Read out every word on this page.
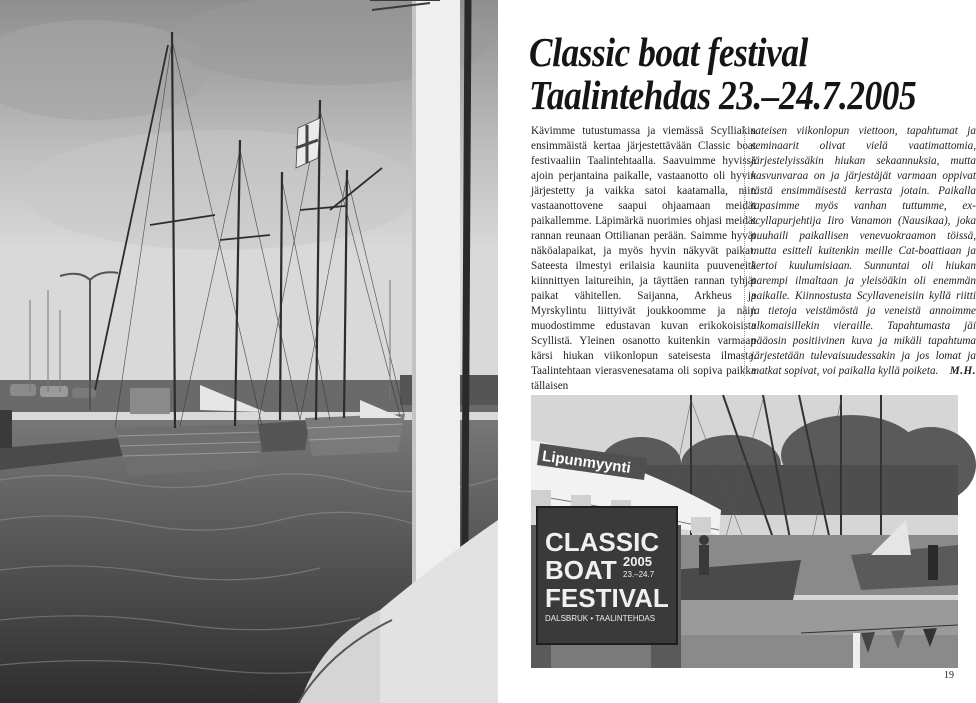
Classic boat festival
Taalintehdas 23.–24.7.2005

Kävimme tutustumassa ja viemässä Scylliakin ensimmäistä kertaa järjestettävään Classic boat festivaaliin Taalintehtaalla. Saavuimme hyvissä ajoin perjantaina paikalle, vastaanotto oli hyvin järjestetty ja vaikka satoi kaatamalla, niin vastaanottovene saapui ohjaamaan meidät paikallemme. Läpimärkä nuorimies ohjasi meidät rannan reunaan Ottilianan perään. Saimme hyvät näköalapaikat, ja myös hyvin näkyvät paikat. Sateesta ilmestyi erilaisia kauniita puuveneitä kiinnittyen laitureihin, ja täyttäen rannan tyhjät paikat vähitellen. Saijanna, Arkheus ja Myrskylintu liittyivät joukkoomme ja näin muodostimme edustavan kuvan erikokoisista Scyllistä. Yleinen osanotto kuitenkin varmaan kärsi hiukan viikonlopun sateisesta ilmasta. Taalintehtaan vierasvenesatama oli sopiva paikka tällaisen

sateisen viikonlopun viettoon, tapahtumat ja seminaarit olivat vielä vaatimattomia, järjestelyissäkin hiukan sekaannuksia, mutta kasvunvaraa on ja järjestäjät varmaan oppivat tästä ensimmäisestä kerrasta jotain. Paikalla tapasimme myös vanhan tuttumme, ex-scyllapurjehtija Iiro Vanamon (Nausikaa), joka puuhaili paikallisen venevuokraamon töissä, mutta esitteli kuitenkin meille Cat-boattiaan ja kertoi kuulumisiaan. Sunnuntai oli hiukan parempi ilmaltaan ja yleisöäkin oli enemmän paikalle. Kiinnostusta Scyllaveneisiin kyllä riitti ja tietoja veistämöstä ja veneistä annoimme ulkomaisillekin vieraille. Tapahtumasta jäi pääosin positiivinen kuva ja mikäli tapahtuma järjestetään tulevaisuudessakin ja jos lomat ja matkat sopivat, voi paikalla kyllä poiketa. M.H.

Lipunmyynti
CLASSIC
BOAT 2005
23.–24.7
FESTIVAL
DALSBRUK • TAALINTEHDAS
19
